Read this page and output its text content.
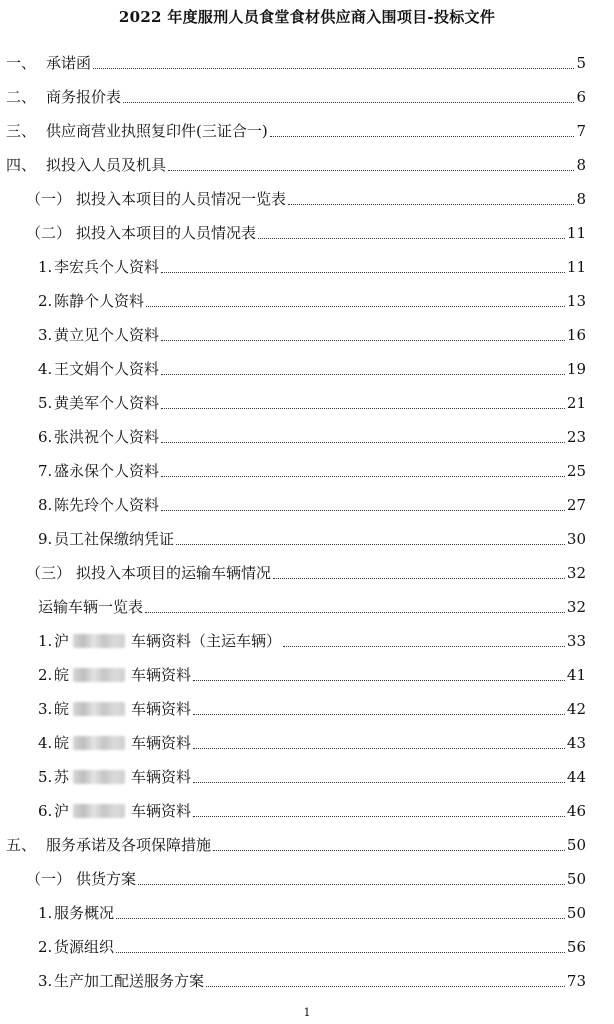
2022 年度服刑人员食堂食材供应商入围项目-投标文件
一、 承诺函	5
二、 商务报价表	6
三、 供应商营业执照复印件(三证合一)	7
四、 拟投入人员及机具	8
（一） 拟投入本项目的人员情况一览表	8
（二） 拟投入本项目的人员情况表	11
1. 李宏兵个人资料	11
2. 陈静个人资料	13
3. 黄立见个人资料	16
4. 王文娟个人资料	19
5. 黄美军个人资料	21
6. 张洪祝个人资料	23
7. 盛永保个人资料	25
8. 陈先玲个人资料	27
9. 员工社保缴纳凭证	30
（三） 拟投入本项目的运输车辆情况	32
运输车辆一览表	32
1. 沪	车辆资料（主运车辆）	33
2. 皖	车辆资料	41
3. 皖	车辆资料	42
4. 皖	车辆资料	43
5. 苏	车辆资料	44
6. 沪	车辆资料	46
五、 服务承诺及各项保障措施	50
（一） 供货方案	50
1. 服务概况	50
2. 货源组织	56
3. 生产加工配送服务方案	73
1
